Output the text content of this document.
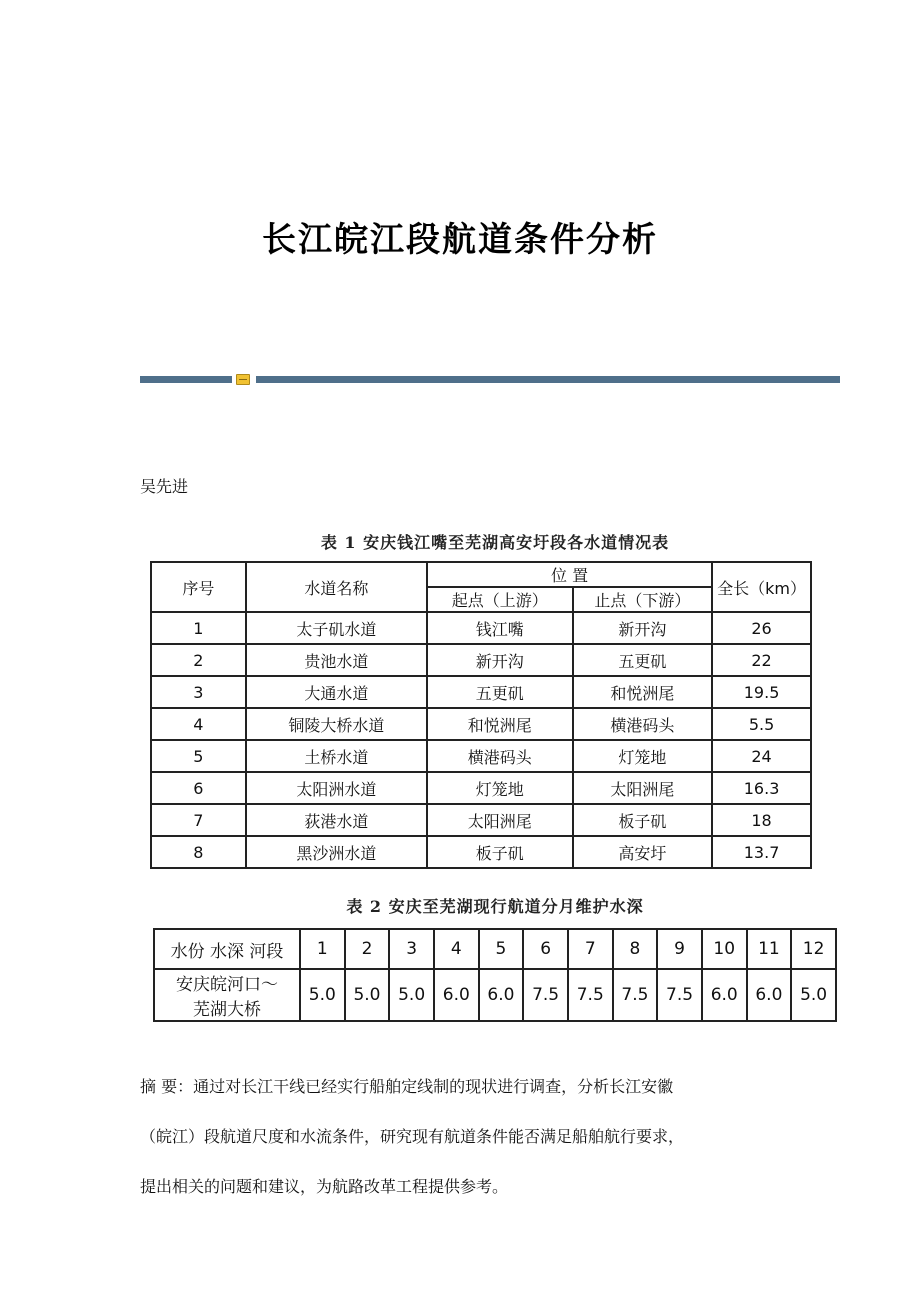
长江皖江段航道条件分析
吴先进
表 1 安庆钱江嘴至芜湖高安圩段各水道情况表
序号	水道名称	位 置		全长（km）
		起点（上游）	止点（下游）	
1	太子矶水道	钱江嘴	新开沟	26
2	贵池水道	新开沟	五更矶	22
3	大通水道	五更矶	和悦洲尾	19.5
4	铜陵大桥水道	和悦洲尾	横港码头	5.5
5	土桥水道	横港码头	灯笼地	24
6	太阳洲水道	灯笼地	太阳洲尾	16.3
7	荻港水道	太阳洲尾	板子矶	18
8	黑沙洲水道	板子矶	高安圩	13.7
表 2 安庆至芜湖现行航道分月维护水深
水份 水深 河段	1	2	3	4	5	6	7	8	9	10	11	12

安庆皖河口～
芜湖大桥	5.0	5.0	5.0	6.0	6.0	7.5	7.5	7.5	7.5	6.0	6.0	5.0

摘 要：通过对长江干线已经实行船舶定线制的现状进行调查，分析长江安徽

（皖江）段航道尺度和水流条件，研究现有航道条件能否满足船舶航行要求，

提出相关的问题和建议，为航路改革工程提供参考。
